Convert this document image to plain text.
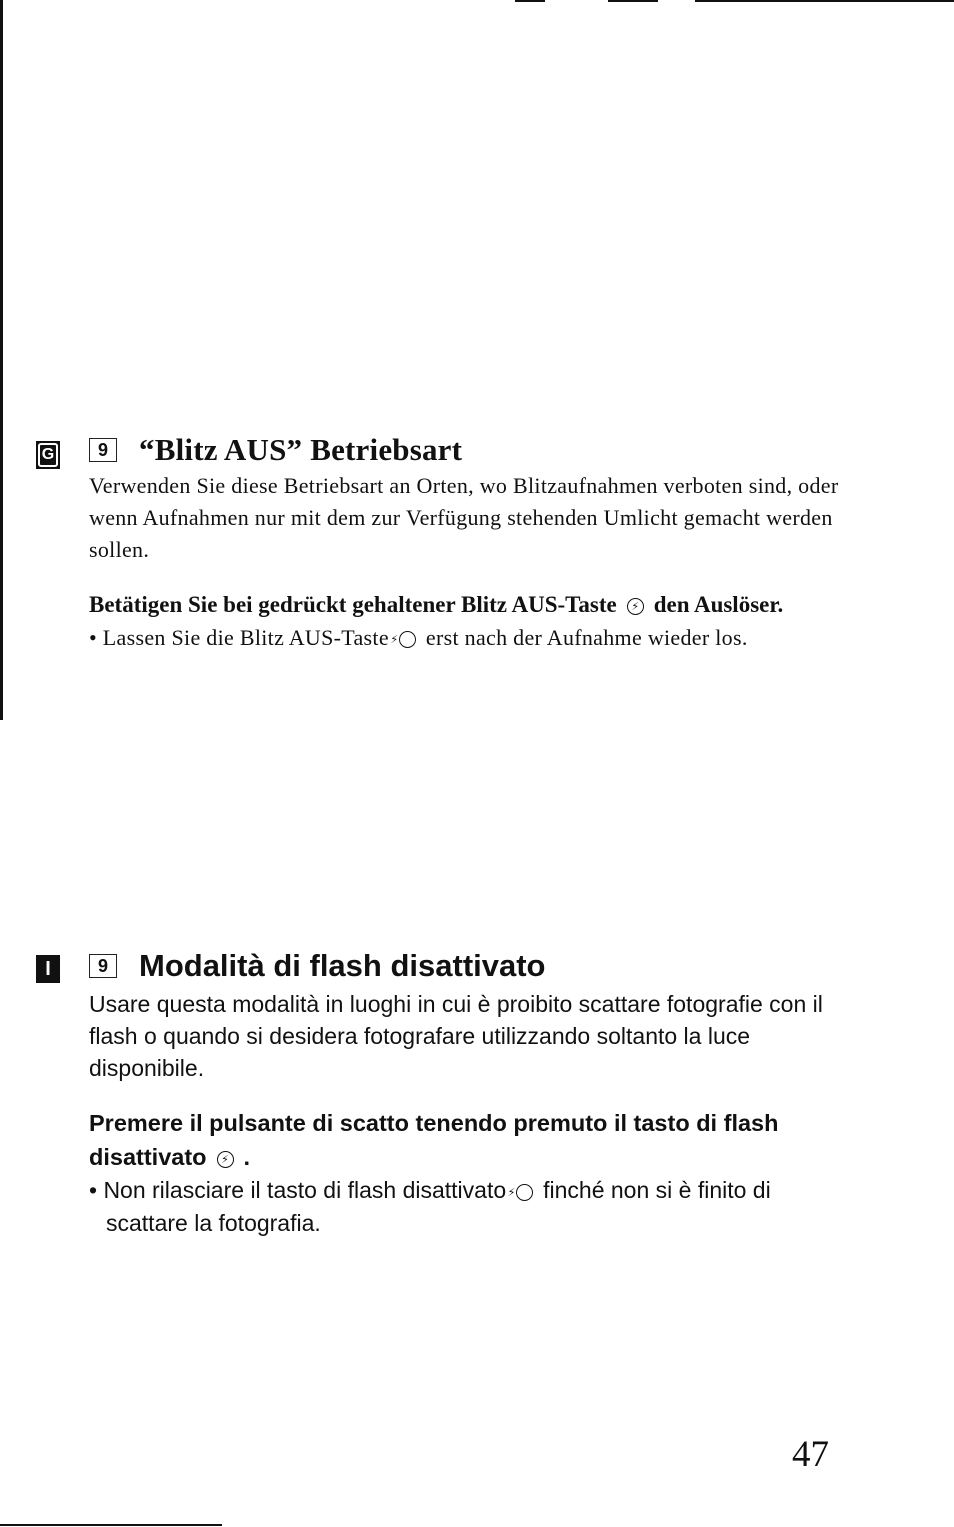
G	9 “Blitz AUS” Betriebsart

Verwenden Sie diese Betriebsart an Orten, wo Blitzaufnahmen verboten sind, oder wenn Aufnahmen nur mit dem zur Verfügung stehenden Umlicht gemacht werden sollen.

Betätigen Sie bei gedrückt gehaltener Blitz AUS-Taste ⚡ den Auslöser.

• Lassen Sie die Blitz AUS-Taste ⚡ erst nach der Aufnahme wieder los.

I	9 Modalità di flash disattivato

Usare questa modalità in luoghi in cui è proibito scattare fotografie con il flash o quando si desidera fotografare utilizzando soltanto la luce disponibile.

Premere il pulsante di scatto tenendo premuto il tasto di flash disattivato ⚡ .

• Non rilasciare il tasto di flash disattivato ⚡ finché non si è finito di scattare la fotografia.

47
